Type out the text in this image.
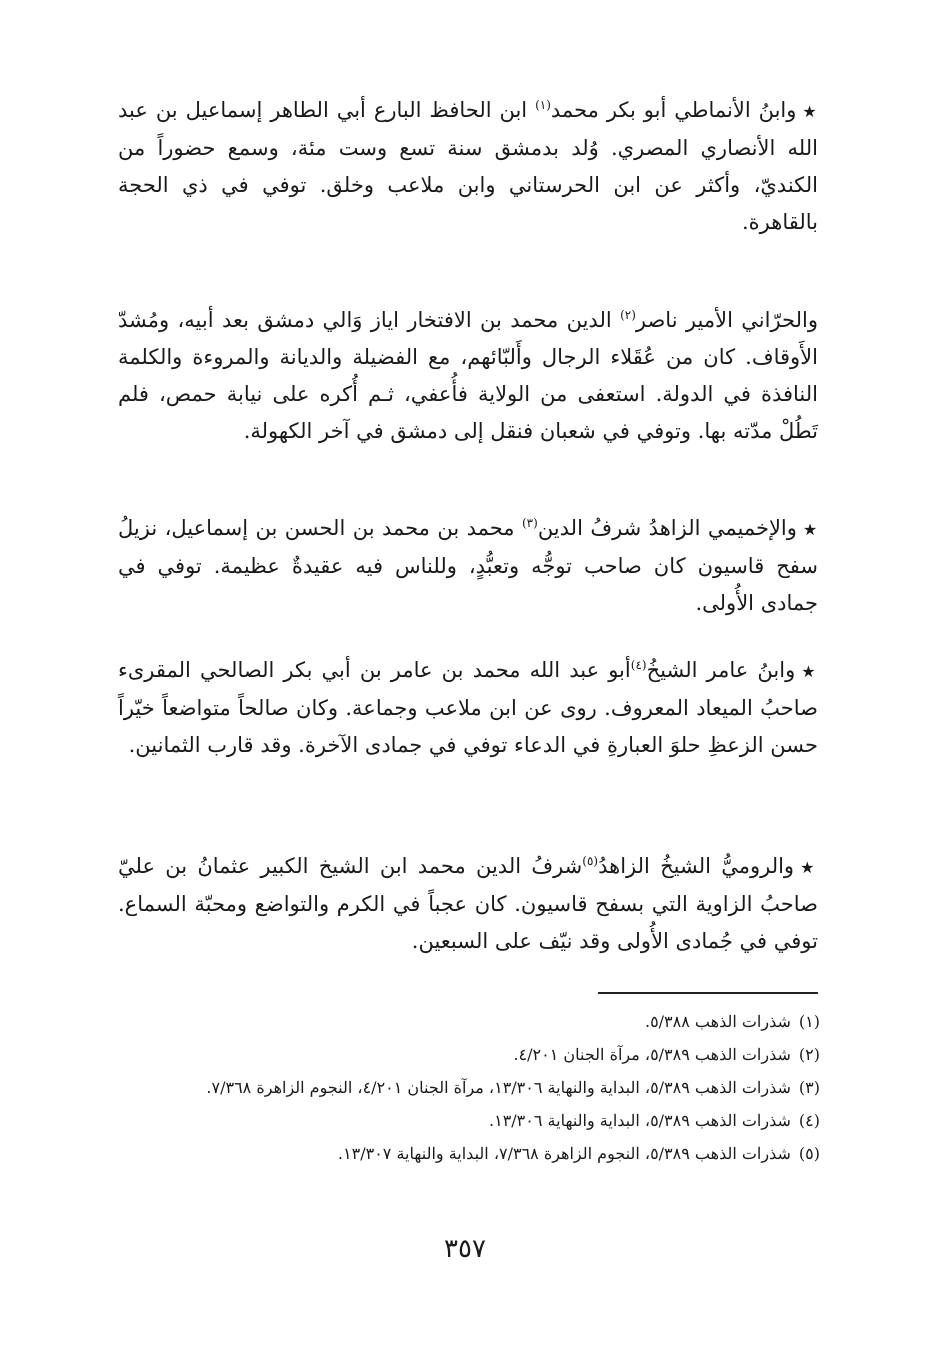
★وابنُ الأنماطي أبو بكر محمد$^{(١)}$ ابن الحافظ البارع أبي الطاهر إسماعيل بن عبد الله الأنصاري المصري. وُلد بدمشق سنة تسع وست مئة، وسمع حضوراً من الكنديّ، وأكثر عن ابن الحرستاني وابن ملاعب وخلق. توفي في ذي الحجة بالقاهرة.

والحرّاني الأمير ناصر$^{(٢)}$ الدين محمد بن الافتخار اياز وَالي دمشق بعد أبيه، ومُشدّ الأَوقاف. كان من عُقَلاء الرجال وأَلبّائهم، مع الفضيلة والديانة والمروءة والكلمة النافذة في الدولة. استعفى من الولاية فأُعفي، ثـم أُكره على نيابة حمص، فلم تَطُلْ مدّته بها. وتوفي في شعبان فنقل إلى دمشق في آخر الكهولة.

★والإخميمي الزاهدُ شرفُ الدين$^{(٣)}$ محمد بن محمد بن الحسن بن إسماعيل، نزيلُ سفح قاسيون كان صاحب توجُّه وتعبُّدٍ، وللناس فيه عقيدةٌ عظيمة. توفي في جمادى الأُولى.

★وابنُ عامر الشيخُ$^{(٤)}$أبو عبد الله محمد بن عامر بن أبي بكر الصالحي المقرىء صاحبُ الميعاد المعروف. روى عن ابن ملاعب وجماعة. وكان صالحاً متواضعاً خيّراً حسن الزعظِ حلوَ العبارةِ في الدعاء توفي في جمادى الآخرة. وقد قارب الثمانين.

★والروميُّ الشيخُ الزاهدُ$^{(٥)}$شرفُ الدين محمد ابن الشيخ الكبير عثمانُ بن عليّ صاحبُ الزاوية التي بسفح قاسيون. كان عجباً في الكرم والتواضع ومحبّة السماع. توفي في جُمادى الأُولى وقد نيّف على السبعين.

(١)شذرات الذهب ٥/٣٨٨.

(٢)شذرات الذهب ٥/٣٨٩، مرآة الجنان ٤/٢٠١.

(٣)شذرات الذهب ٥/٣٨٩، البداية والنهاية ١٣/٣٠٦، مرآة الجنان ٤/٢٠١، النجوم الزاهرة ٧/٣٦٨.

(٤)شذرات الذهب ٥/٣٨٩، البداية والنهاية ١٣/٣٠٦.

(٥)شذرات الذهب ٥/٣٨٩، النجوم الزاهرة ٧/٣٦٨، البداية والنهاية ١٣/٣٠٧.

٣٥٧
